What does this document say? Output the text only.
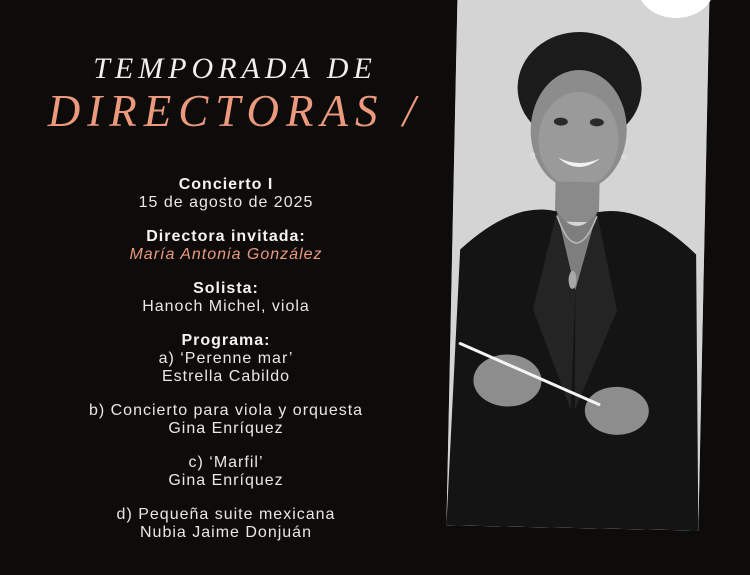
TEMPORADA DE
DIRECTORAS /
Concierto I
15 de agosto de 2025
Directora invitada:
María Antonia González
Solista:
Hanoch Michel, viola
Programa:
a) ‘Perenne mar’
Estrella Cabildo
b) Concierto para viola y orquesta
Gina Enríquez
c) ‘Marfil’
Gina Enríquez
d) Pequeña suite mexicana
Nubia Jaime Donjuán
